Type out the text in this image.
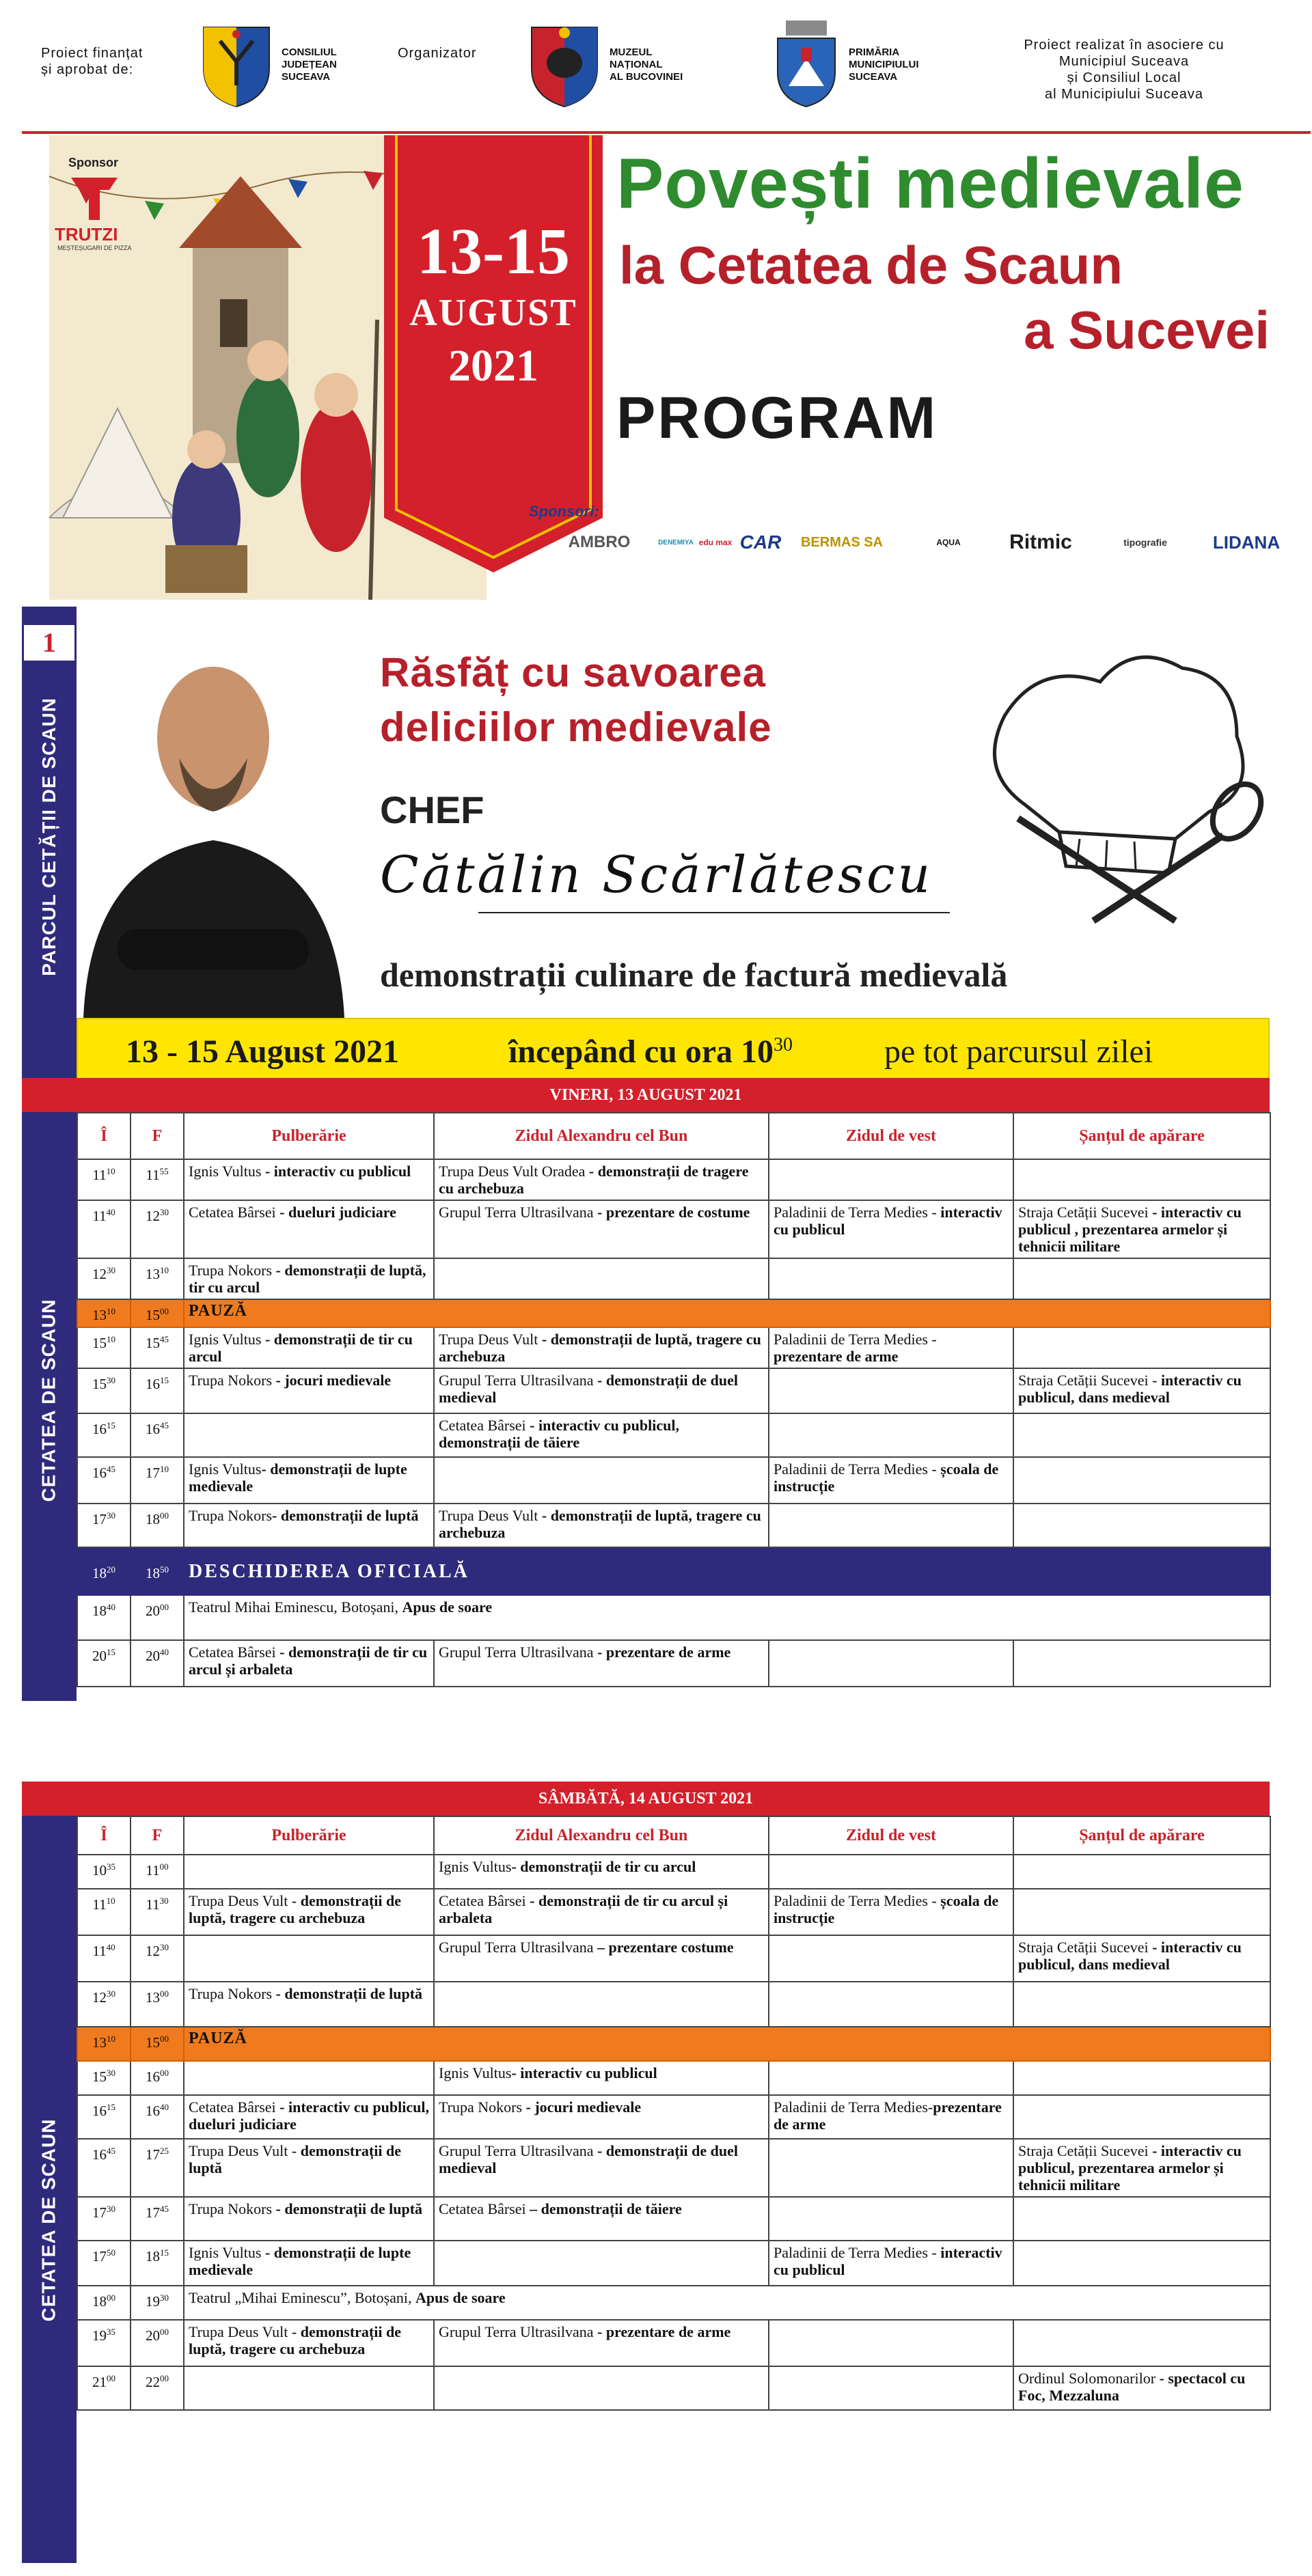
Proiect finanțat
și aprobat de:
CONSILIUL
JUDEȚEAN
SUCEAVA
Organizator	MUZEUL
NAȚIONAL
AL BUCOVINEI
PRIMĂRIA
MUNICIPIULUI
SUCEAVA
Proiect realizat în asociere cu
Municipiul Suceava
și Consiliul Local
al Municipiului Suceava
13-15
AUGUST
2021
Sponsor
TRUTZI
MEȘTEȘUGARI DE PIZZA
Povești medievale
la Cetatea de Scaun
a Sucevei
PROGRAM
Sponsori:
AMBRO	DENEMIYA edu max CAR	BERMAS SA	AQUA	Ritmic	tipografie	LIDANA
1
PARCUL CETĂȚII DE SCAUN
CETATEA DE SCAUN
CETATEA DE SCAUN
Răsfăț cu savoarea
deliciilor medievale
CHEF
Cătălin Scărlătescu
demonstrații culinare de factură medievală
13 - 15 August 2021	începând cu ora $10^{30}$	pe tot parcursul zilei
VINERI, 13 AUGUST 2021
Î	F	Pulberărie	Zidul Alexandru cel Bun	Zidul de vest	Șanțul de apărare
$11^{10}$	$11^{55}$	Ignis Vultus - interactiv cu publicul	Trupa Deus Vult Oradea - demonstrații de tragere cu archebuza		
$11^{40}$	$12^{30}$	Cetatea Bârsei - dueluri judiciare	Grupul Terra Ultrasilvana - prezentare de costume	Paladinii de Terra Medies - interactiv cu publicul	Straja Cetății Sucevei - interactiv cu publicul , prezentarea armelor și tehnicii militare
$12^{30}$	$13^{10}$	Trupa Nokors - demonstrații de luptă, tir cu arcul			
$13^{10}$	$15^{00}$	PAUZĂ			
$15^{10}$	$15^{45}$	Ignis Vultus - demonstrații de tir cu arcul	Trupa Deus Vult - demonstrații de luptă, tragere cu archebuza	Paladinii de Terra Medies - prezentare de arme	
$15^{30}$	$16^{15}$	Trupa Nokors - jocuri medievale	Grupul Terra Ultrasilvana - demonstrații de duel medieval		Straja Cetății Sucevei - interactiv cu publicul, dans medieval
$16^{15}$	$16^{45}$		Cetatea Bârsei - interactiv cu publicul, demonstrații de tăiere		
$16^{45}$	$17^{10}$	Ignis Vultus- demonstrații de lupte medievale		Paladinii de Terra Medies - școala de instrucție	
$17^{30}$	$18^{00}$	Trupa Nokors- demonstrații de luptă	Trupa Deus Vult - demonstrații de luptă, tragere cu archebuza		
$18^{20}$	$18^{50}$	DESCHIDEREA OFICIALĂ			
$18^{40}$	$20^{00}$	Teatrul Mihai Eminescu, Botoșani, Apus de soare			
$20^{15}$	$20^{40}$	Cetatea Bârsei - demonstrații de tir cu arcul și arbaleta	Grupul Terra Ultrasilvana - prezentare de arme		
SÂMBĂTĂ, 14 AUGUST 2021
Î	F	Pulberărie	Zidul Alexandru cel Bun	Zidul de vest	Șanțul de apărare
$10^{35}$	$11^{00}$		Ignis Vultus- demonstrații de tir cu arcul		
$11^{10}$	$11^{30}$	Trupa Deus Vult - demonstrații de luptă, tragere cu archebuza	Cetatea Bârsei - demonstrații de tir cu arcul și arbaleta	Paladinii de Terra Medies - școala de instrucție	
$11^{40}$	$12^{30}$		Grupul Terra Ultrasilvana – prezentare costume		Straja Cetății Sucevei - interactiv cu publicul, dans medieval
$12^{30}$	$13^{00}$	Trupa Nokors - demonstrații de luptă			
$13^{10}$	$15^{00}$	PAUZĂ			
$15^{30}$	$16^{00}$		Ignis Vultus- interactiv cu publicul		
$16^{15}$	$16^{40}$	Cetatea Bârsei - interactiv cu publicul, dueluri judiciare	Trupa Nokors - jocuri medievale	Paladinii de Terra Medies-prezentare de arme	
$16^{45}$	$17^{25}$	Trupa Deus Vult - demonstrații de luptă	Grupul Terra Ultrasilvana - demonstrații de duel medieval		Straja Cetății Sucevei - interactiv cu publicul, prezentarea armelor și tehnicii militare
$17^{30}$	$17^{45}$	Trupa Nokors - demonstrații de luptă	Cetatea Bârsei – demonstrații de tăiere		
$17^{50}$	$18^{15}$	Ignis Vultus - demonstrații de lupte medievale		Paladinii de Terra Medies - interactiv cu publicul	
$18^{00}$	$19^{30}$	Teatrul „Mihai Eminescu”, Botoșani, Apus de soare			
$19^{35}$	$20^{00}$	Trupa Deus Vult - demonstrații de luptă, tragere cu archebuza	Grupul Terra Ultrasilvana - prezentare de arme		
$21^{00}$	$22^{00}$				Ordinul Solomonarilor - spectacol cu Foc, Mezzaluna
